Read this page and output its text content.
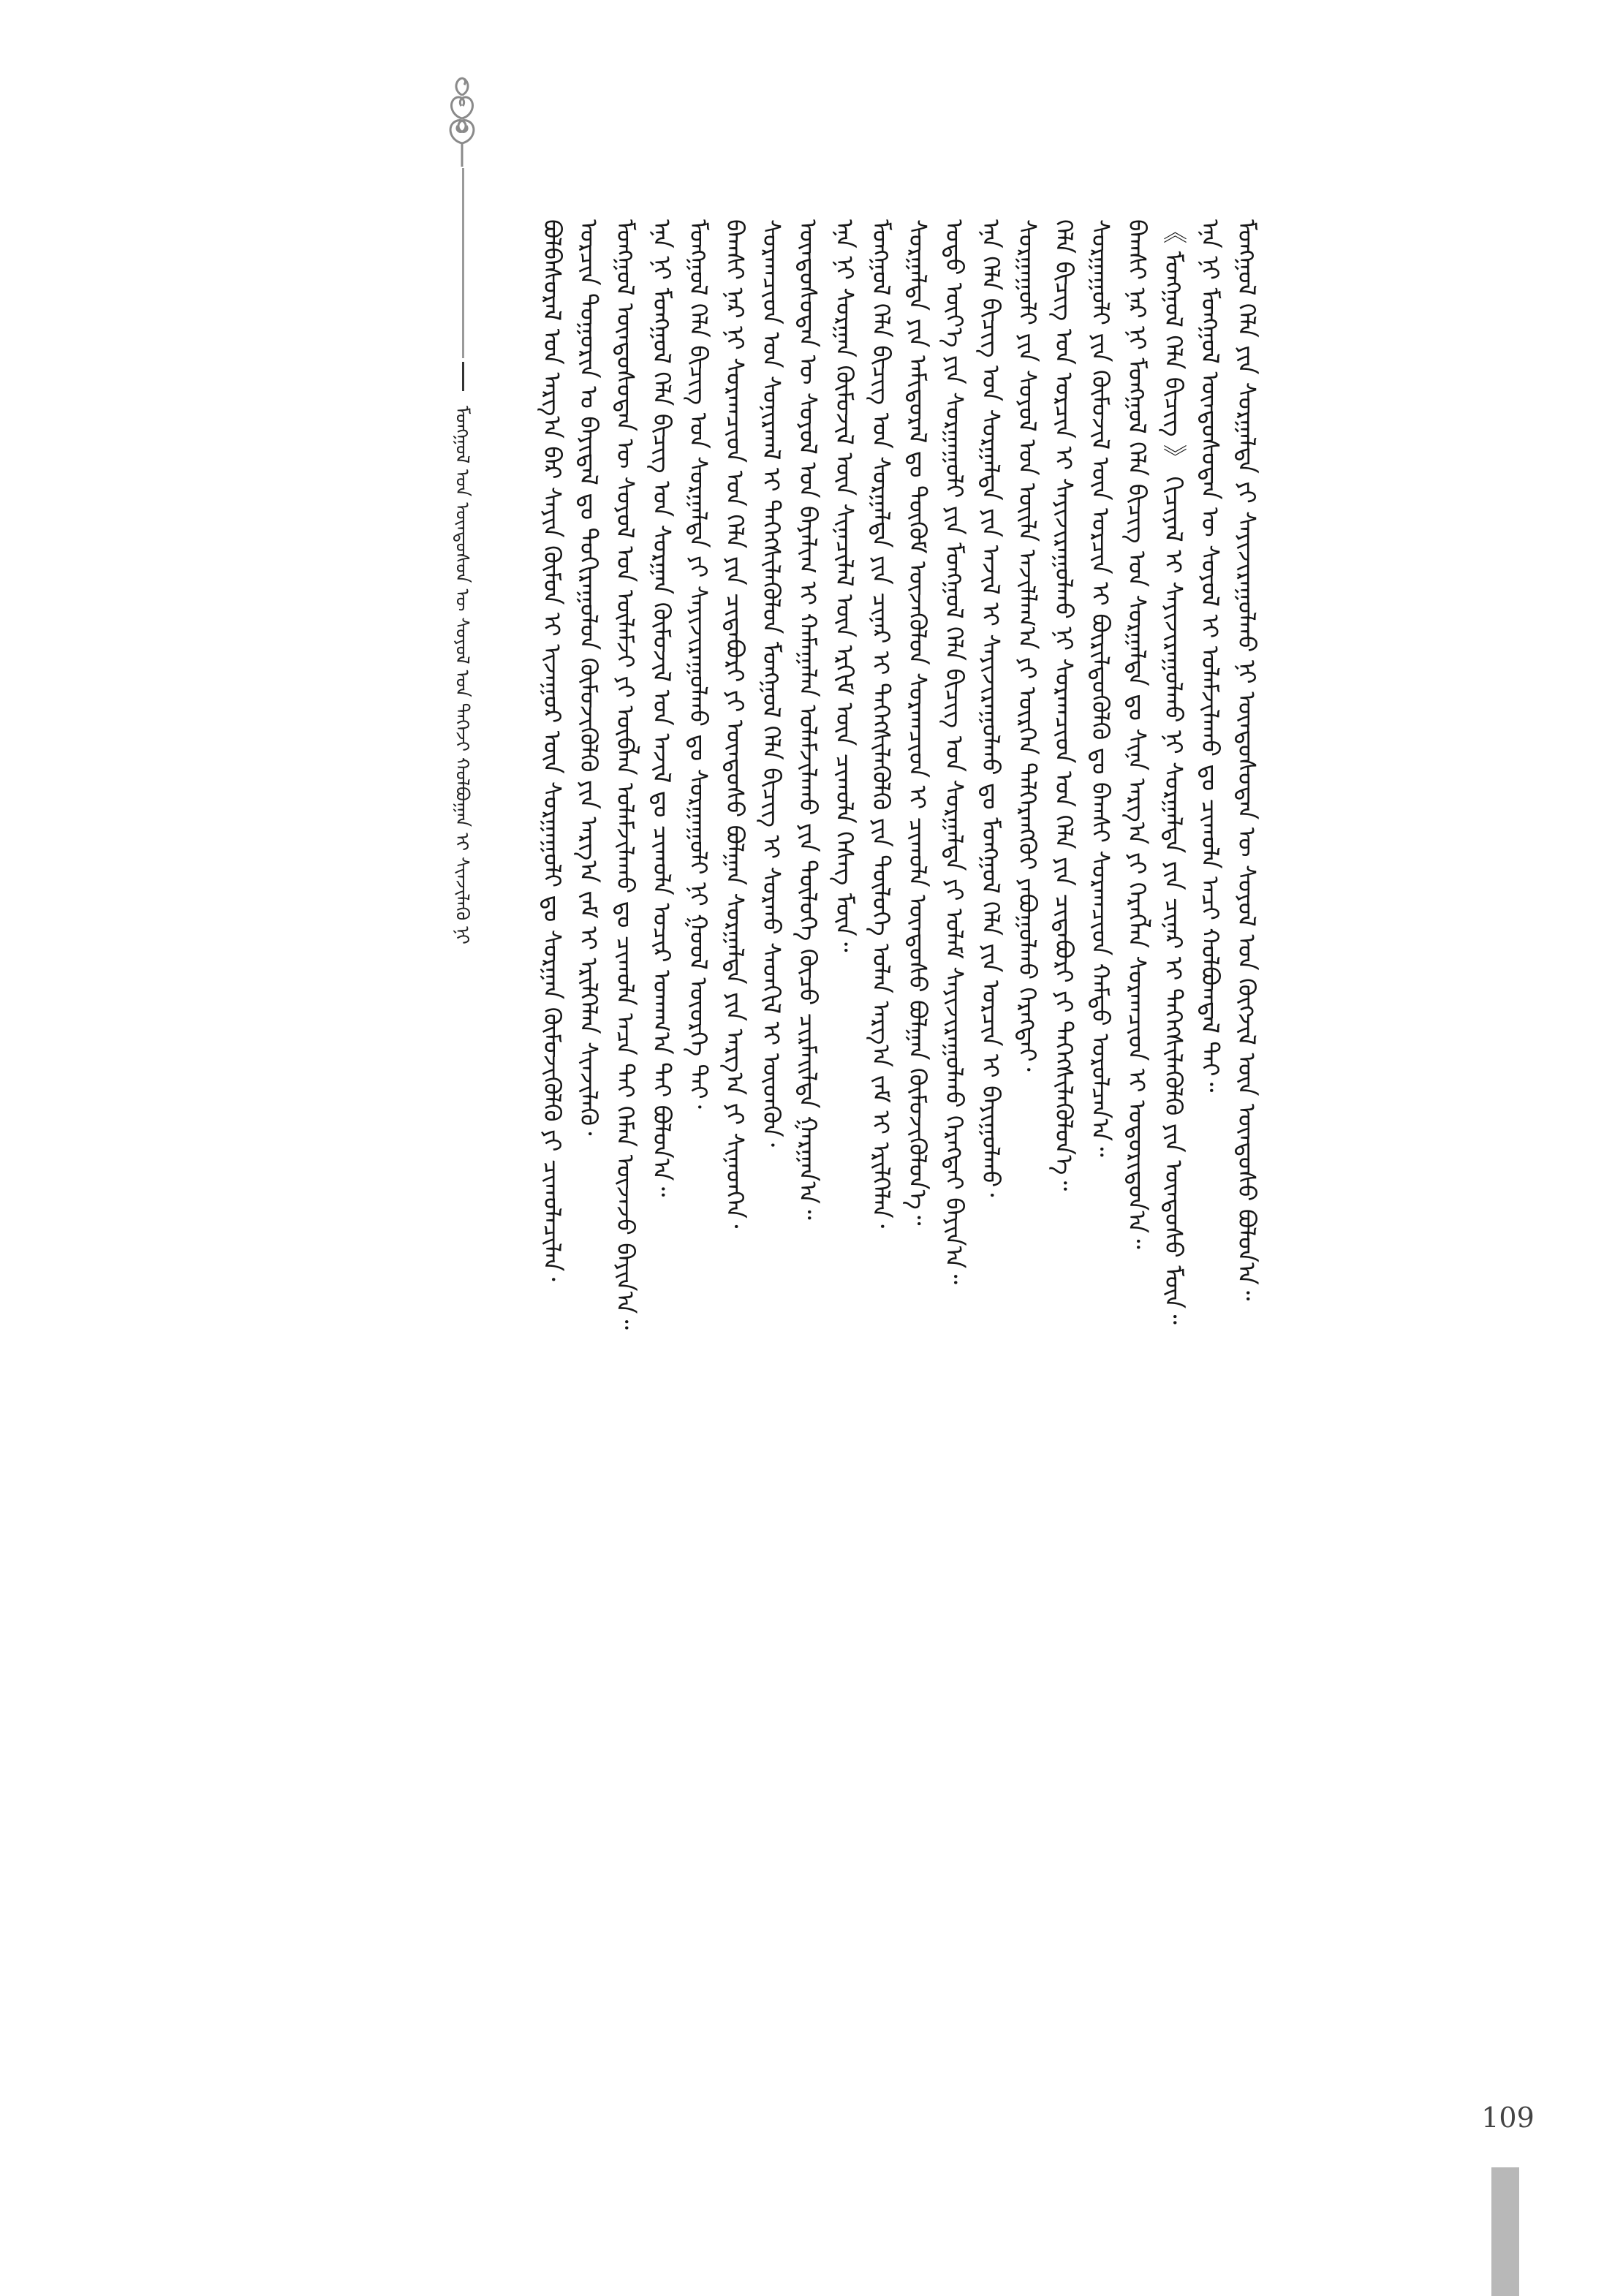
ᠮᠣᠩᠭᠣᠯ ᠤᠨ ᠦᠨᠳᠦᠰᠦᠨ ᠦ ᠰᠤᠶᠤᠯ ᠤᠨ ᠳᠡᠭᠡᠵᠢ ᠬᠣᠯᠪᠣᠭᠠᠨ ᠢ ᠰᠢᠨᠵᠢᠯᠡᠭᠦ ᠨᠢ	ᠪᠣᠯᠪᠠᠰᠤᠷᠠᠯ ᠤᠨ ᠠᠷᠭ᠎ᠠ ᠪᠠᠷ ᠰᠠᠶᠢᠨ ᠬᠦᠮᠦᠨ ᠢ ᠢᠵᠠᠭᠤᠷ ᠦᠨ ᠰᠤᠷᠭᠠᠭᠤᠯᠢ ᠳᠤ ᠰᠤᠷᠭᠠᠨ ᠬᠦᠮᠦᠵᠢᠭᠦᠯᠬᠦ ᠶᠢ ᠴᠢᠬᠤᠯᠠᠴᠢᠯᠠᠨ᠂ ᠣᠷᠴᠢᠨ ᠲᠣᠭᠣᠷᠢᠨ ᠤ ᠪᠠᠶᠢᠳᠠᠯ ᠳᠤ ᠲᠣᠬᠢᠷᠠᠭᠤᠯᠤᠨ ᠬᠦᠮᠦᠵᠢᠭᠦᠯᠬᠦ ᠶᠢᠨ ᠠᠷᠭ᠎ᠠ ᠵᠠᠮ ᠢ ᠡᠷᠢᠯᠬᠡᠯᠡᠨ ᠰᠢᠨᠵᠢᠯᠡᠬᠦ᠂ ᠮᠣᠩᠭᠣᠯ ᠦᠨᠳᠦᠰᠦᠲᠡᠨ ᠦ ᠰᠤᠶᠤᠯ ᠤᠨ ᠦᠯᠡᠮᠵᠢ ᠶᠢ ᠥᠪᠯᠡᠨ ᠤᠯᠠᠮᠵᠢᠯᠠᠬᠤ ᠳᠤ ᠴᠢᠬᠤᠯᠠ ᠠᠴᠠ ᠲᠠᠢ ᠬᠡᠮᠡᠨ ᠦᠵᠡᠵᠦ ᠪᠠᠶᠢᠨ᠎ᠠ᠃ ᠡᠨᠡ ᠨᠢ ᠮᠣᠩᠭᠣᠯ ᠬᠡᠯᠡ ᠪᠢᠴᠢᠭ ᠤᠨ ᠰᠤᠷᠭᠠᠨ ᠬᠦᠮᠦᠵᠢᠯ ᠤᠨ ᠠᠵᠢᠯ ᠳᠤ ᠴᠢᠬᠤᠯᠠ ᠤᠴᠢᠷ ᠤᠬᠠᠭ᠎ᠠ ᠲᠠᠢ ᠪᠣᠯᠤᠨ᠎ᠠ᠃ ᠮᠣᠩᠭᠣᠯ ᠬᠡᠯᠡ ᠪᠢᠴᠢᠭ ᠤᠨ ᠰᠤᠷᠭᠠᠯᠲᠠ ᠶᠢ ᠰᠠᠶᠢᠵᠢᠷᠠᠭᠤᠯᠬᠤ ᠳᠤ ᠰᠤᠷᠭᠠᠭᠤᠯᠢ ᠨᠢ ᠭᠣᠣᠯ ᠦᠦᠷᠭᠡ ᠲᠠᠢ᠂ ᠪᠠᠭᠰᠢ ᠨᠠᠷ ᠨᠢ ᠰᠤᠷᠠᠭᠴᠢᠳ ᠤᠨ ᠬᠡᠯᠡ ᠶᠢᠨ ᠴᠢᠳᠠᠪᠤᠷᠢ ᠶᠢ ᠦᠨᠳᠦᠰᠦ ᠪᠣᠯᠭᠠᠨ ᠰᠤᠷᠭᠠᠯᠲᠠ ᠶᠢᠨ ᠠᠷᠭ᠎ᠠ ᠶᠢ ᠰᠢᠨᠡᠳᠬᠡᠨ᠂ ᠰᠤᠷᠠᠭᠴᠢᠳ ᠤᠨ ᠰᠣᠨᠢᠷᠬᠠᠯ ᠢ ᠳᠡᠭᠡᠭᠰᠢᠯᠡᠭᠦᠯᠦᠨ ᠮᠣᠩᠭᠣᠯ ᠬᠡᠯᠡ ᠪᠢᠴᠢᠭ ᠢ ᠰᠤᠷᠬᠤ ᠰᠡᠳᠬᠢᠯ ᠢ ᠥᠳᠬᠦᠨ᠂ ᠦᠨᠳᠦᠰᠦᠲᠡᠨ ᠦ ᠰᠤᠶᠤᠯ ᠤᠨ ᠪᠠᠶᠠᠯᠢᠭ ᠢ ᠬᠠᠮᠠᠭᠠᠯᠠᠨ ᠤᠯᠠᠮᠵᠢᠯᠠᠬᠤ ᠶᠢᠨ ᠲᠥᠯᠦᠭᠡ ᠬᠦᠴᠦ ᠴᠢᠷᠮᠠᠢᠯᠲᠠ ᠭᠠᠷᠭᠠᠨ᠎ᠠ᠃ ᠡᠨᠡ ᠨᠢ ᠰᠤᠷᠭᠠᠨ ᠬᠦᠮᠦᠵᠢᠯ ᠦᠨ ᠰᠢᠨᠡᠴᠢᠯᠡᠯ ᠦᠨ ᠡᠷᠭᠢᠮ ᠦᠨ ᠴᠢᠬᠤᠯᠠ ᠬᠡᠰᠡᠭ ᠮᠥᠨ᠃ ᠮᠣᠩᠭᠣᠯ ᠬᠡᠯᠡ ᠪᠢᠴᠢᠭ ᠤᠨ ᠰᠤᠷᠭᠠᠯᠲᠠ ᠶᠢᠨ ᠴᠢᠨᠠᠷ ᠢ ᠳᠡᠭᠡᠭᠰᠢᠯᠡᠭᠦᠯᠬᠦ ᠶᠢᠨ ᠲᠥᠯᠦᠭᠡ ᠣᠯᠠᠨ ᠠᠷᠭ᠎ᠠ ᠵᠠᠮ ᠢ ᠡᠷᠢᠯᠬᠡᠯᠡᠨ᠂ ᠰᠤᠷᠭᠠᠯᠲᠠ ᠶᠢᠨ ᠠᠮᠢᠳᠤᠷᠠᠯ ᠳᠤ ᠳᠦᠬᠦᠮ ᠦᠵᠡᠭᠦᠯᠦᠨ ᠰᠤᠷᠠᠭᠴᠢᠳ ᠢ ᠴᠢᠬᠤᠯᠠ ᠦᠨᠳᠦᠰᠦ ᠪᠣᠯᠭᠠᠨ ᠬᠦᠮᠦᠵᠢᠭᠦᠯᠦᠨ᠎ᠡ᠃ ᠣᠳᠣ ᠦᠶ᠎ᠡ ᠶᠢᠨ ᠰᠤᠷᠭᠠᠭᠤᠯᠢ ᠶᠢᠨ ᠮᠣᠩᠭᠣᠯ ᠬᠡᠯᠡ ᠪᠢᠴᠢᠭ ᠤᠨ ᠰᠤᠷᠭᠠᠯᠲᠠ ᠶᠢ ᠤᠯᠠᠮ ᠰᠠᠶᠢᠵᠢᠷᠠᠭᠤᠯᠬᠤ ᠬᠡᠷᠡᠭᠲᠡᠢ ᠪᠠᠶᠢᠨ᠎ᠠ᠃ ᠡᠨᠡ ᠬᠡᠯᠡ ᠪᠢᠴᠢᠭ ᠤᠨ ᠰᠤᠷᠭᠠᠯᠲᠠ ᠶᠢᠨ ᠠᠵᠢᠯ ᠢ ᠰᠠᠶᠢᠵᠢᠷᠠᠭᠤᠯᠬᠤ ᠳᠤ ᠮᠣᠩᠭᠣᠯ ᠬᠡᠯᠡ ᠶᠢᠨ ᠣᠷᠴᠢᠨ ᠢ ᠪᠠᠶᠢᠭᠤᠯᠬᠤ᠂ ᠰᠤᠷᠭᠠᠭᠤᠯᠢ ᠶᠢᠨ ᠰᠤᠶᠤᠯ ᠤᠨ ᠦᠢᠯᠡ ᠠᠵᠢᠯᠯᠠᠭ᠎ᠠ ᠶᠢ ᠥᠷᠭᠡᠨ ᠳᠡᠯᠭᠡᠷᠡᠩᠭᠦᠢ ᠶᠠᠪᠤᠭᠤᠯᠬᠤ ᠬᠡᠷᠡᠭᠲᠡᠢ᠂ ᠬᠡᠯᠡ ᠪᠢᠴᠢᠭ ᠤᠨ ᠣᠷᠴᠢᠨ ᠢ ᠰᠠᠶᠢᠵᠢᠷᠠᠭᠤᠯᠬᠤ ᠨᠢ ᠰᠤᠷᠠᠭᠴᠢᠳ ᠤᠨ ᠬᠡᠯᠡ ᠶᠢᠨ ᠴᠢᠳᠠᠪᠤᠷᠢ ᠶᠢ ᠳᠡᠭᠡᠭᠰᠢᠯᠡᠭᠦᠯᠦᠨ᠎ᠡ᠃ ᠰᠤᠷᠭᠠᠭᠤᠯᠢ ᠶᠢᠨ ᠬᠦᠮᠦᠵᠢᠯ ᠦᠨ ᠣᠷᠴᠢᠨ ᠢ ᠪᠦᠷᠢᠯᠳᠦᠭᠦᠯᠬᠦ ᠳᠤ ᠪᠠᠭᠰᠢ ᠰᠤᠷᠠᠭᠴᠢᠳ ᠬᠠᠮᠲᠤ ᠣᠷᠣᠯᠴᠠᠨ᠎ᠠ᠃ ᠪᠠᠭᠰᠢ ᠨᠠᠷ ᠨᠢ ᠮᠣᠩᠭᠣᠯ ᠬᠡᠯᠡ ᠪᠢᠴᠢᠭ ᠤᠨ ᠰᠤᠷᠭᠠᠯᠲᠠ ᠳᠤ ᠰᠢᠨᠡ ᠠᠷᠭ᠎ᠠ ᠶᠢ ᠬᠡᠷᠡᠭᠯᠡᠨ ᠰᠤᠷᠠᠭᠴᠢᠳ ᠢ ᠤᠳᠤᠷᠢᠳᠤᠨ᠎ᠠ᠃ 《 ᠮᠣᠩᠭᠣᠯ ᠬᠡᠯᠡ ᠪᠢᠴᠢᠭ 》 ᠬᠢᠴᠢᠶᠡᠯ ᠢ ᠰᠠᠶᠢᠵᠢᠷᠠᠭᠤᠯᠬᠤ ᠨᠢ ᠰᠤᠷᠭᠠᠯᠲᠠ ᠶᠢᠨ ᠴᠢᠨᠠᠷ ᠢ ᠳᠡᠭᠡᠭᠰᠢᠯᠡᠭᠦᠯᠬᠦ ᠶᠢᠨ ᠦᠨᠳᠦᠰᠦ ᠮᠥᠨ᠃ ᠡᠨᠡ ᠨᠢ ᠮᠣᠩᠭᠣᠯ ᠦᠨᠳᠦᠰᠦᠲᠡᠨ ᠦ ᠰᠤᠶᠤᠯ ᠢ ᠤᠯᠠᠮᠵᠢᠯᠠᠬᠤ ᠳᠤ ᠴᠢᠬᠤᠯᠠ ᠠᠴᠢ ᠬᠣᠯᠪᠣᠭᠳᠠᠯ ᠲᠠᠢ᠃ ᠮᠣᠩᠭᠣᠯ ᠬᠡᠯᠡ ᠶᠢᠨ ᠰᠤᠷᠭᠠᠯᠲᠠ ᠶᠢ ᠰᠠᠶᠢᠵᠢᠷᠠᠭᠤᠯᠬᠤ ᠨᠢ ᠦᠨᠳᠦᠰᠦᠲᠡᠨ ᠦ ᠰᠤᠶᠤᠯ ᠤᠨ ᠬᠥᠭᠵᠢᠯ ᠦᠨ ᠦᠨᠳᠦᠰᠦ ᠪᠣᠯᠤᠨ᠎ᠠ᠃
109
